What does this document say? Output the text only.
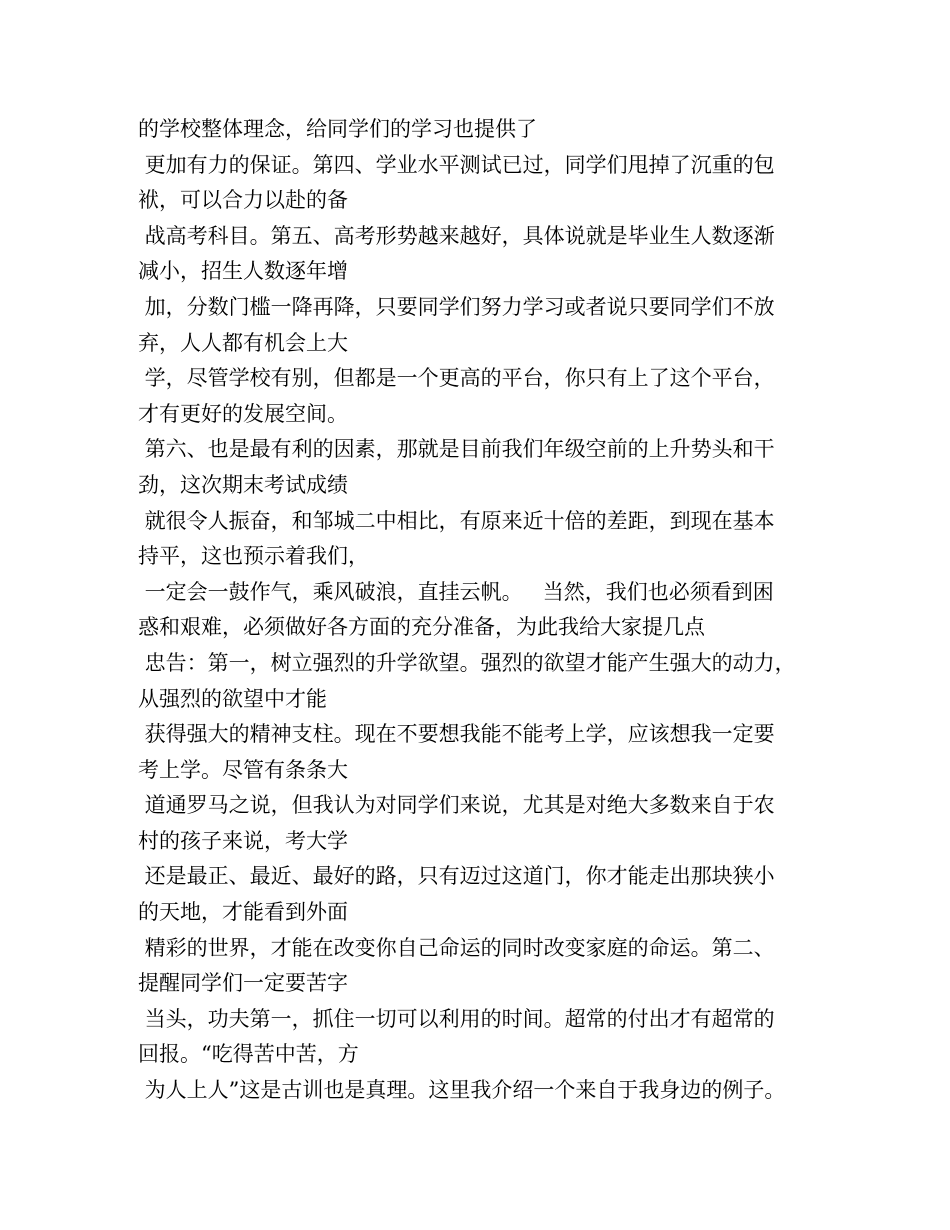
的学校整体理念，给同学们的学习也提供了
更加有力的保证。第四、学业水平测试已过，同学们甩掉了沉重的包
袱，可以合力以赴的备
战高考科目。第五、高考形势越来越好，具体说就是毕业生人数逐渐
减小，招生人数逐年增
加，分数门槛一降再降，只要同学们努力学习或者说只要同学们不放
弃，人人都有机会上大
学，尽管学校有别，但都是一个更高的平台，你只有上了这个平台，
才有更好的发展空间。
第六、也是最有利的因素，那就是目前我们年级空前的上升势头和干
劲，这次期末考试成绩
就很令人振奋，和邹城二中相比，有原来近十倍的差距，到现在基本
持平，这也预示着我们，
一定会一鼓作气，乘风破浪，直挂云帆。   当然，我们也必须看到困
惑和艰难，必须做好各方面的充分准备，为此我给大家提几点
忠告：第一，树立强烈的升学欲望。强烈的欲望才能产生强大的动力，
从强烈的欲望中才能
获得强大的精神支柱。现在不要想我能不能考上学，应该想我一定要
考上学。尽管有条条大
道通罗马之说，但我认为对同学们来说，尤其是对绝大多数来自于农
村的孩子来说，考大学
还是最正、最近、最好的路，只有迈过这道门，你才能走出那块狭小
的天地，才能看到外面
精彩的世界，才能在改变你自己命运的同时改变家庭的命运。第二、
提醒同学们一定要苦字
当头，功夫第一，抓住一切可以利用的时间。超常的付出才有超常的
回报。“吃得苦中苦，方
为人上人”这是古训也是真理。这里我介绍一个来自于我身边的例子。
